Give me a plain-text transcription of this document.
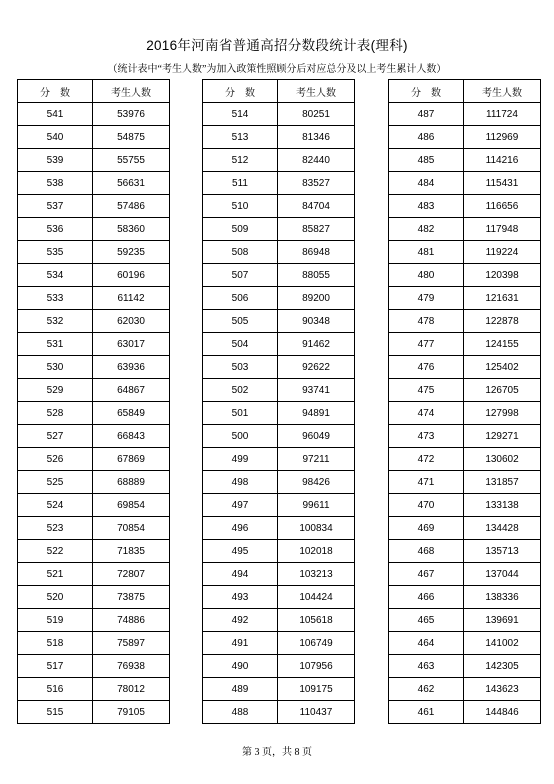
2016年河南省普通高招分数段统计表(理科)
（统计表中“考生人数”为加入政策性照顾分后对应总分及以上考生累计人数）
分　数	考生人数
541	53976
540	54875
539	55755
538	56631
537	57486
536	58360
535	59235
534	60196
533	61142
532	62030
531	63017
530	63936
529	64867
528	65849
527	66843
526	67869
525	68889
524	69854
523	70854
522	71835
521	72807
520	73875
519	74886
518	75897
517	76938
516	78012
515	79105
分　数	考生人数
514	80251
513	81346
512	82440
511	83527
510	84704
509	85827
508	86948
507	88055
506	89200
505	90348
504	91462
503	92622
502	93741
501	94891
500	96049
499	97211
498	98426
497	99611
496	100834
495	102018
494	103213
493	104424
492	105618
491	106749
490	107956
489	109175
488	110437
分　数	考生人数
487	111724
486	112969
485	114216
484	115431
483	116656
482	117948
481	119224
480	120398
479	121631
478	122878
477	124155
476	125402
475	126705
474	127998
473	129271
472	130602
471	131857
470	133138
469	134428
468	135713
467	137044
466	138336
465	139691
464	141002
463	142305
462	143623
461	144846
第 3 页，共 8 页
